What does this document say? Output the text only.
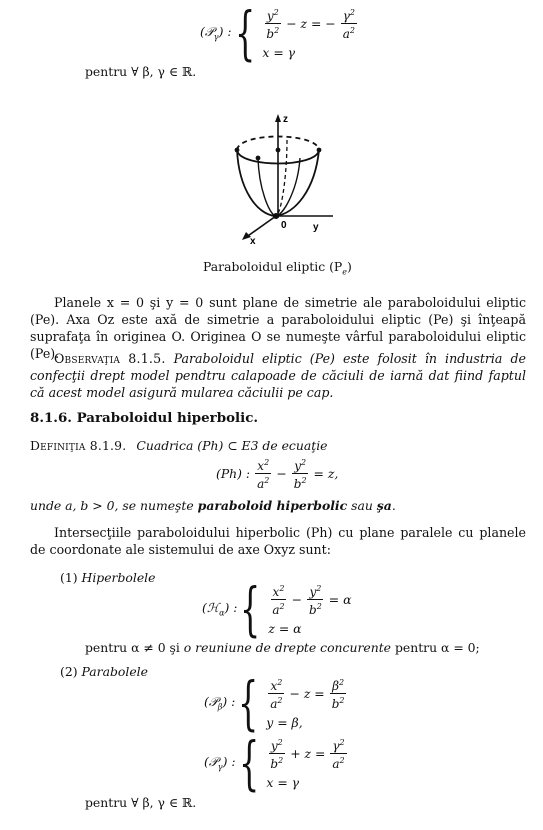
(𝒫$_\gamma$) : { $\frac{y^2}{b^2} - z$ = − $\frac{\gamma^2}{a^2}$
x = γ
pentru ∀ β, γ ∈ ℝ.
z
y
x
0
Paraboloidul eliptic $(P_e)$
Planele x = 0 şi y = 0 sunt plane de simetrie ale paraboloidului eliptic (Pe). Axa Oz este axă de simetrie a paraboloidului eliptic (Pe) şi înţeapă suprafaţa în originea O. Originea O se numeşte vârful paraboloidului eliptic (Pe).
Observaţia 8.1.5. Paraboloidul eliptic (Pe) este folosit în industria de confecţii drept model pendtru calapoade de căciuli de iarnă dat fiind faptul că acest model asigură mularea căciulii pe cap.
8.1.6. Paraboloidul hiperbolic.
Definiţia 8.1.9. Cuadrica (Ph) ⊂ E3 de ecuaţie
(Ph) : $\frac{x^2}{a^2} - \frac{y^2}{b^2} = z$,
unde a, b > 0, se numeşte paraboloid hiperbolic sau şa.
Intersecţiile paraboloidului hiperbolic (Ph) cu plane paralele cu planele de coordonate ale sistemului de axe Oxyz sunt:
(1) Hiperbolele
(ℋ$_\alpha$) : { $\frac{x^2}{a^2} - \frac{y^2}{b^2} = \alpha$
z = α
pentru α ≠ 0 şi o reuniune de drepte concurente pentru α = 0;
(2) Parabolele
(𝒫$_\beta$) : { $\frac{x^2}{a^2} - z = \frac{\beta^2}{b^2}$
y = β,
(𝒫$_\gamma$) : { $\frac{y^2}{b^2} + z = \frac{\gamma^2}{a^2}$
x = γ
pentru ∀ β, γ ∈ ℝ.
